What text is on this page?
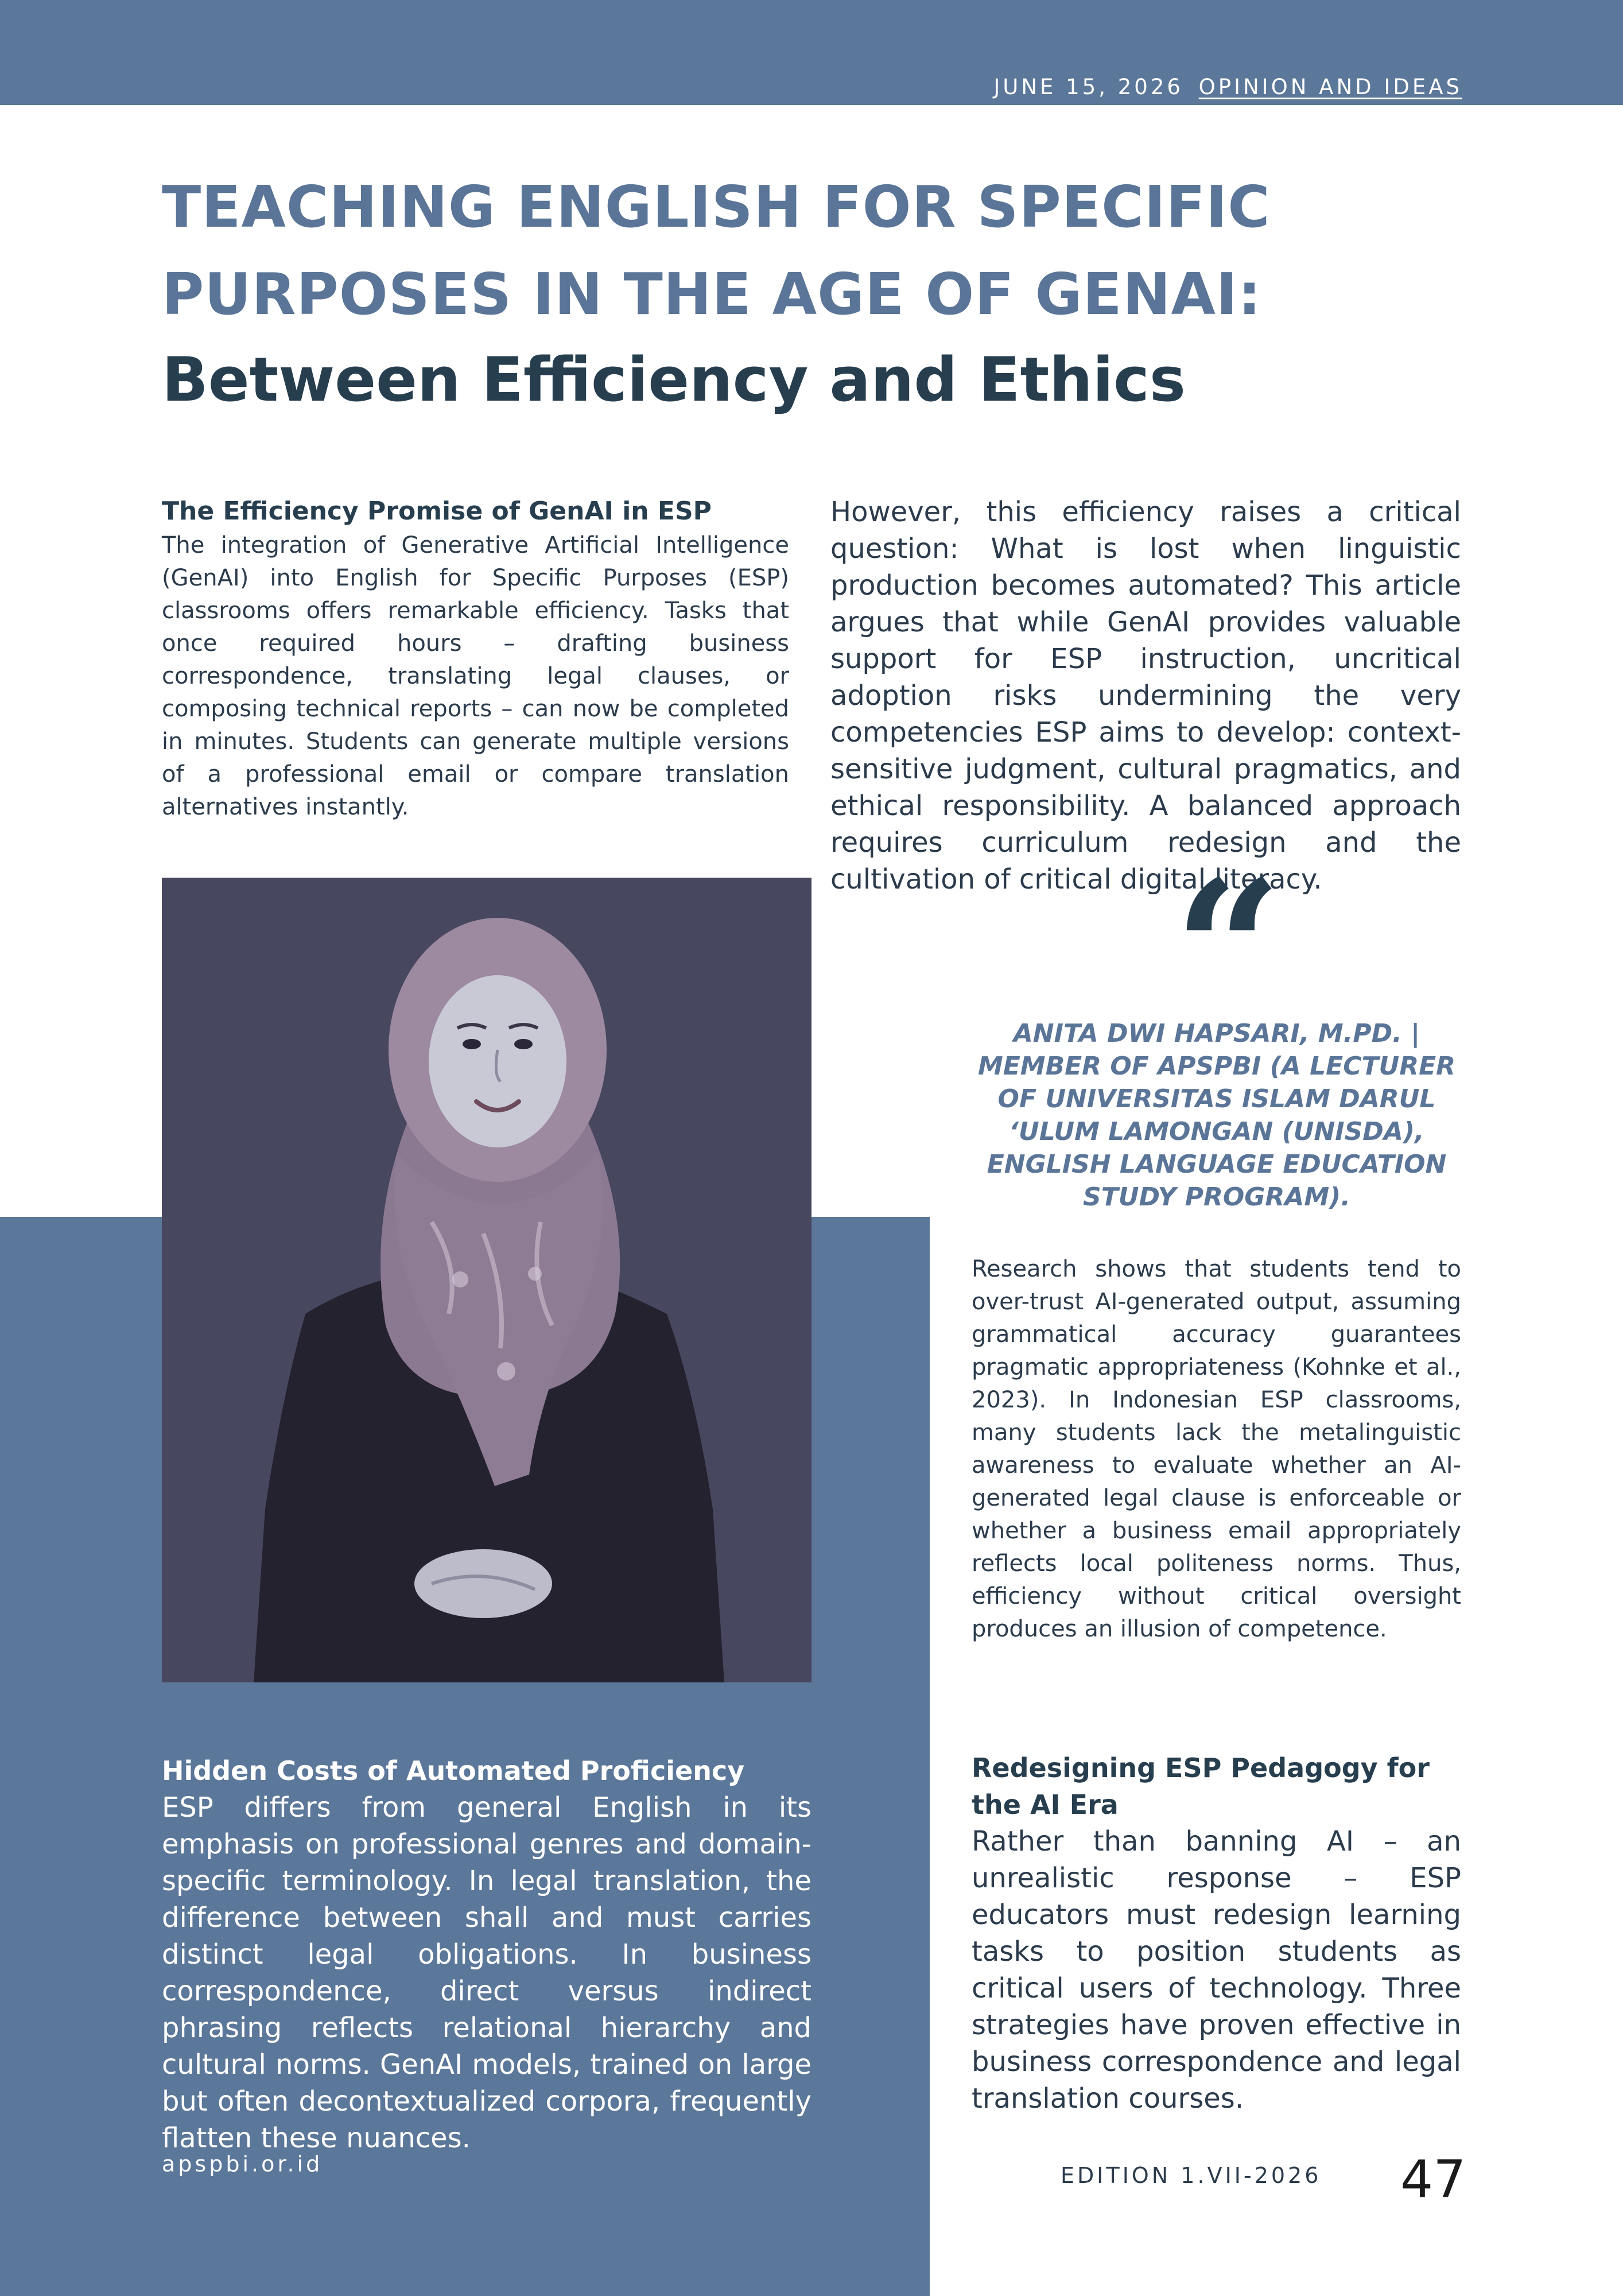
JUNE 15, 2026 OPINION AND IDEAS
TEACHING ENGLISH FOR SPECIFIC
PURPOSES IN THE AGE OF GENAI:
Between Efficiency and Ethics
The Efficiency Promise of GenAI in ESP

The integration of Generative Artificial Intelligence (GenAI) into English for Specific Purposes (ESP) classrooms offers remarkable efficiency. Tasks that once required hours – drafting business correspondence, translating legal clauses, or composing technical reports – can now be completed in minutes. Students can generate multiple versions of a professional email or compare translation alternatives instantly.

However, this efficiency raises a critical question: What is lost when linguistic production becomes automated? This article argues that while GenAI provides valuable support for ESP instruction, uncritical adoption risks undermining the very competencies ESP aims to develop: context-sensitive judgment, cultural pragmatics, and ethical responsibility. A balanced approach requires curriculum redesign and the cultivation of critical digital literacy.

“
ANITA DWI HAPSARI, M.PD. | MEMBER OF APSPBI (A LECTURER OF UNIVERSITAS ISLAM DARUL ‘ULUM LAMONGAN (UNISDA), ENGLISH LANGUAGE EDUCATION STUDY PROGRAM).

Research shows that students tend to over-trust AI-generated output, assuming grammatical accuracy guarantees pragmatic appropriateness (Kohnke et al., 2023). In Indonesian ESP classrooms, many students lack the metalinguistic awareness to evaluate whether an AI-generated legal clause is enforceable or whether a business email appropriately reflects local politeness norms. Thus, efficiency without critical oversight produces an illusion of competence.

Hidden Costs of Automated Proficiency

ESP differs from general English in its emphasis on professional genres and domain-specific terminology. In legal translation, the difference between shall and must carries distinct legal obligations. In business correspondence, direct versus indirect phrasing reflects relational hierarchy and cultural norms. GenAI models, trained on large but often decontextualized corpora, frequently flatten these nuances.

Redesigning ESP Pedagogy for the AI Era

Rather than banning AI – an unrealistic response – ESP educators must redesign learning tasks to position students as critical users of technology. Three strategies have proven effective in business correspondence and legal translation courses.

apspbi.or.id	EDITION 1.VII-2026 47
